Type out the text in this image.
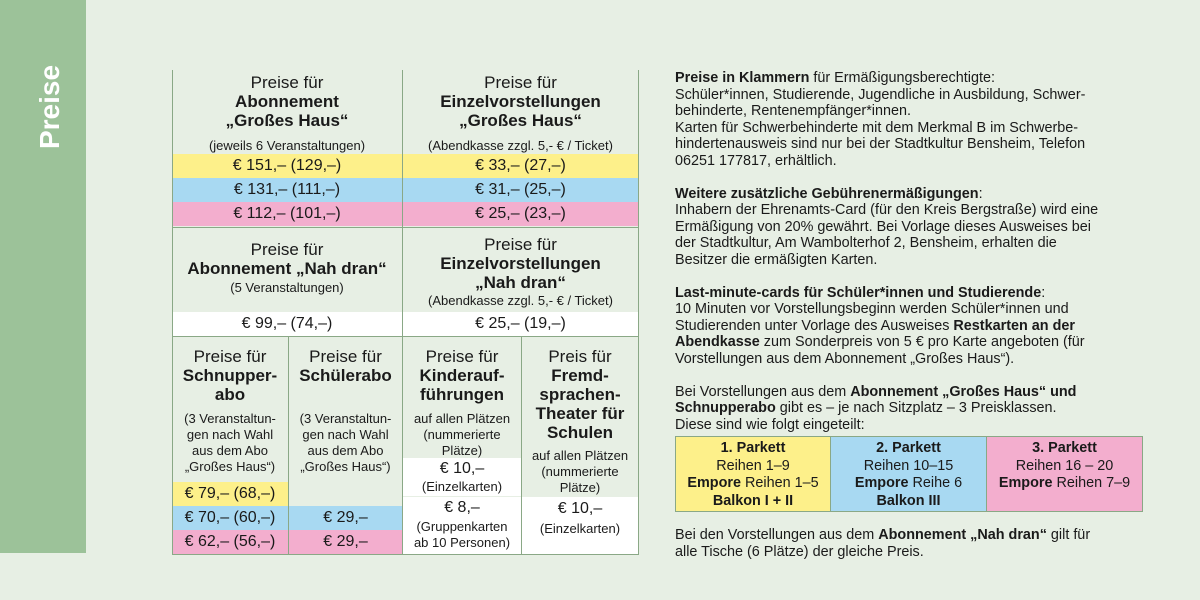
Preise	Preise für
Abonnement
„Großes Haus“
(jeweils 6 Veranstaltungen)
€ 151,– (129,–)
€ 131,– (111,–)
€ 112,– (101,–)
Preise für
Einzelvorstellungen
„Großes Haus“
(Abendkasse zzgl. 5,- € / Ticket)
€ 33,– (27,–)
€ 31,– (25,–)
€ 25,– (23,–)
Preise für
Abonnement „Nah dran“
(5 Veranstaltungen)
€ 99,– (74,–)
Preise für
Einzelvorstellungen
„Nah dran“
(Abendkasse zzgl. 5,- € / Ticket)
€ 25,– (19,–)
Preise für
Schnupper-
abo
(3 Veranstaltun-
gen nach Wahl
aus dem Abo
„Großes Haus“)
€ 79,– (68,–)
€ 70,– (60,–)
€ 62,– (56,–)
Preise für
Schülerabo
(3 Veranstaltun-
gen nach Wahl
aus dem Abo
„Großes Haus“)
€ 29,–
€ 29,–
Preise für
Kinderauf-
führungen
auf allen Plätzen
(nummerierte
Plätze)
€ 10,–
(Einzelkarten)
€ 8,–
(Gruppenkarten
ab 10 Personen)
Preis für
Fremd-
sprachen-
Theater für
Schulen
auf allen Plätzen
(nummerierte
Plätze)
€ 10,–
(Einzelkarten)

Preise in Klammern für Ermäßigungsberechtigte:
Schüler*innen, Studierende, Jugendliche in Ausbildung, Schwer-
behinderte, Rentenempfänger*innen.
Karten für Schwerbehinderte mit dem Merkmal B im Schwerbe-
hindertenausweis sind nur bei der Stadtkultur Bensheim, Telefon
06251 177817, erhältlich.

Weitere zusätzliche Gebührenermäßigungen:
Inhabern der Ehrenamts-Card (für den Kreis Bergstraße) wird eine
Ermäßigung von 20% gewährt. Bei Vorlage dieses Ausweises bei
der Stadtkultur, Am Wambolterhof 2, Bensheim, erhalten die
Besitzer die ermäßigten Karten.

Last-minute-cards für Schüler*innen und Studierende:
10 Minuten vor Vorstellungsbeginn werden Schüler*innen und
Studierenden unter Vorlage des Ausweises Restkarten an der
Abendkasse zum Sonderpreis von 5 € pro Karte angeboten (für
Vorstellungen aus dem Abonnement „Großes Haus“).

Bei Vorstellungen aus dem Abonnement „Großes Haus“ und
Schnupperabo gibt es – je nach Sitzplatz – 3 Preisklassen.
Diese sind wie folgt eingeteilt:

1. Parkett
Reihen 1–9
Empore Reihen 1–5
Balkon I + II
2. Parkett
Reihen 10–15
Empore Reihe 6
Balkon III
3. Parkett
Reihen 16 – 20
Empore Reihen 7–9
Bei den Vorstellungen aus dem Abonnement „Nah dran“ gilt für
alle Tische (6 Plätze) der gleiche Preis.
